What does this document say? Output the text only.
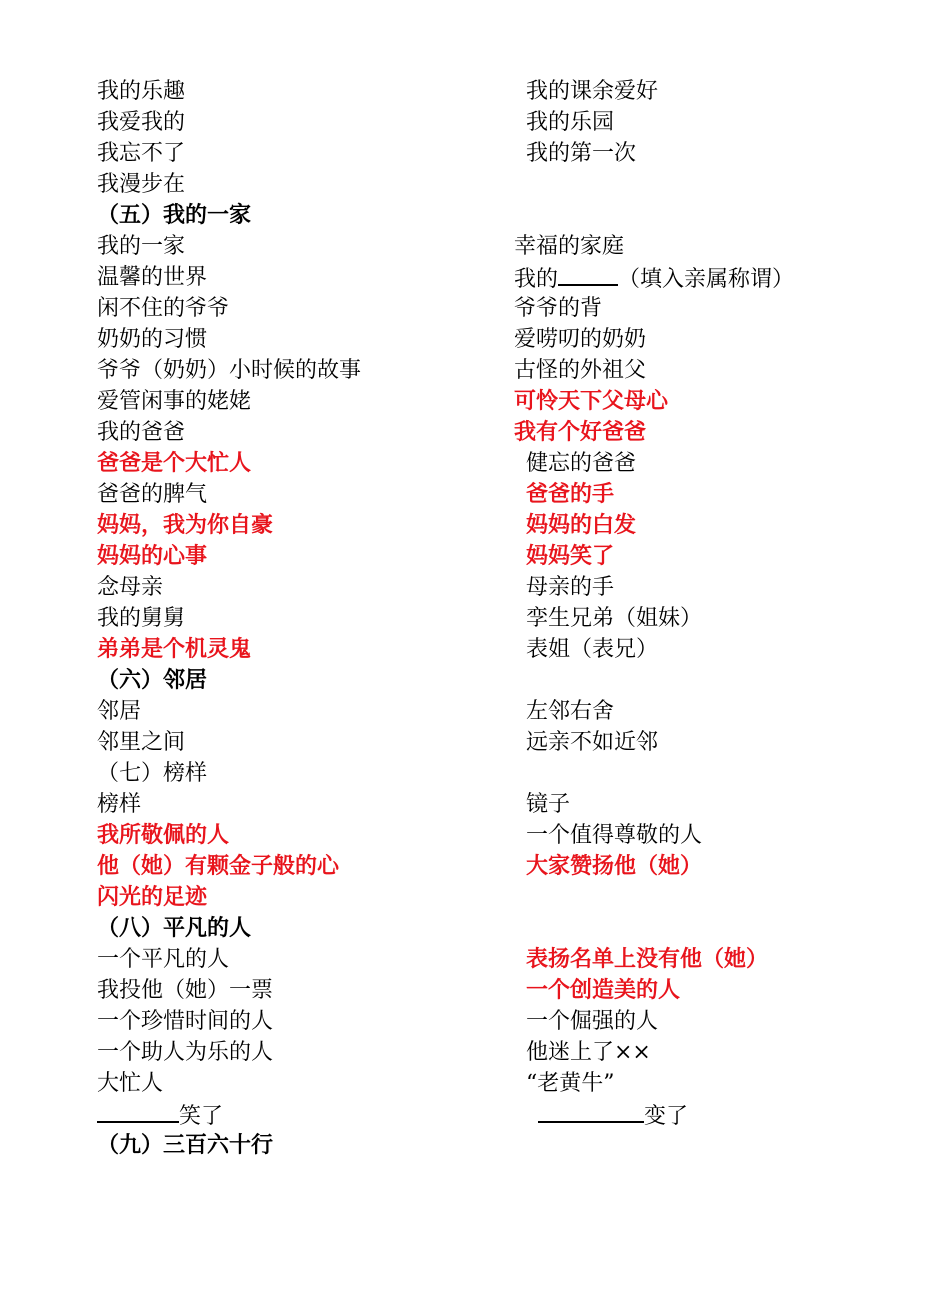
我的乐趣
我爱我的
我忘不了
我漫步在
（五）我的一家
我的一家
温馨的世界
闲不住的爷爷
奶奶的习惯
爷爷（奶奶）小时候的故事
爱管闲事的姥姥
我的爸爸
爸爸是个大忙人
爸爸的脾气
妈妈，我为你自豪
妈妈的心事
念母亲
我的舅舅
弟弟是个机灵鬼
（六）邻居
邻居
邻里之间
（七）榜样
榜样
我所敬佩的人
他（她）有颗金子般的心
闪光的足迹
（八）平凡的人
一个平凡的人
我投他（她）一票
一个珍惜时间的人
一个助人为乐的人
大忙人
笑了
（九）三百六十行
我的课余爱好
我的乐园
我的第一次
幸福的家庭
我的	（填入亲属称谓）
爷爷的背
爱唠叨的奶奶
古怪的外祖父
可怜天下父母心
我有个好爸爸
健忘的爸爸
爸爸的手
妈妈的白发
妈妈笑了
母亲的手
孪生兄弟（姐妹）
表姐（表兄）
左邻右舍
远亲不如近邻
镜子
一个值得尊敬的人
大家赞扬他（她）
表扬名单上没有他（她）
一个创造美的人
一个倔强的人
他迷上了××
“老黄牛”
变了
